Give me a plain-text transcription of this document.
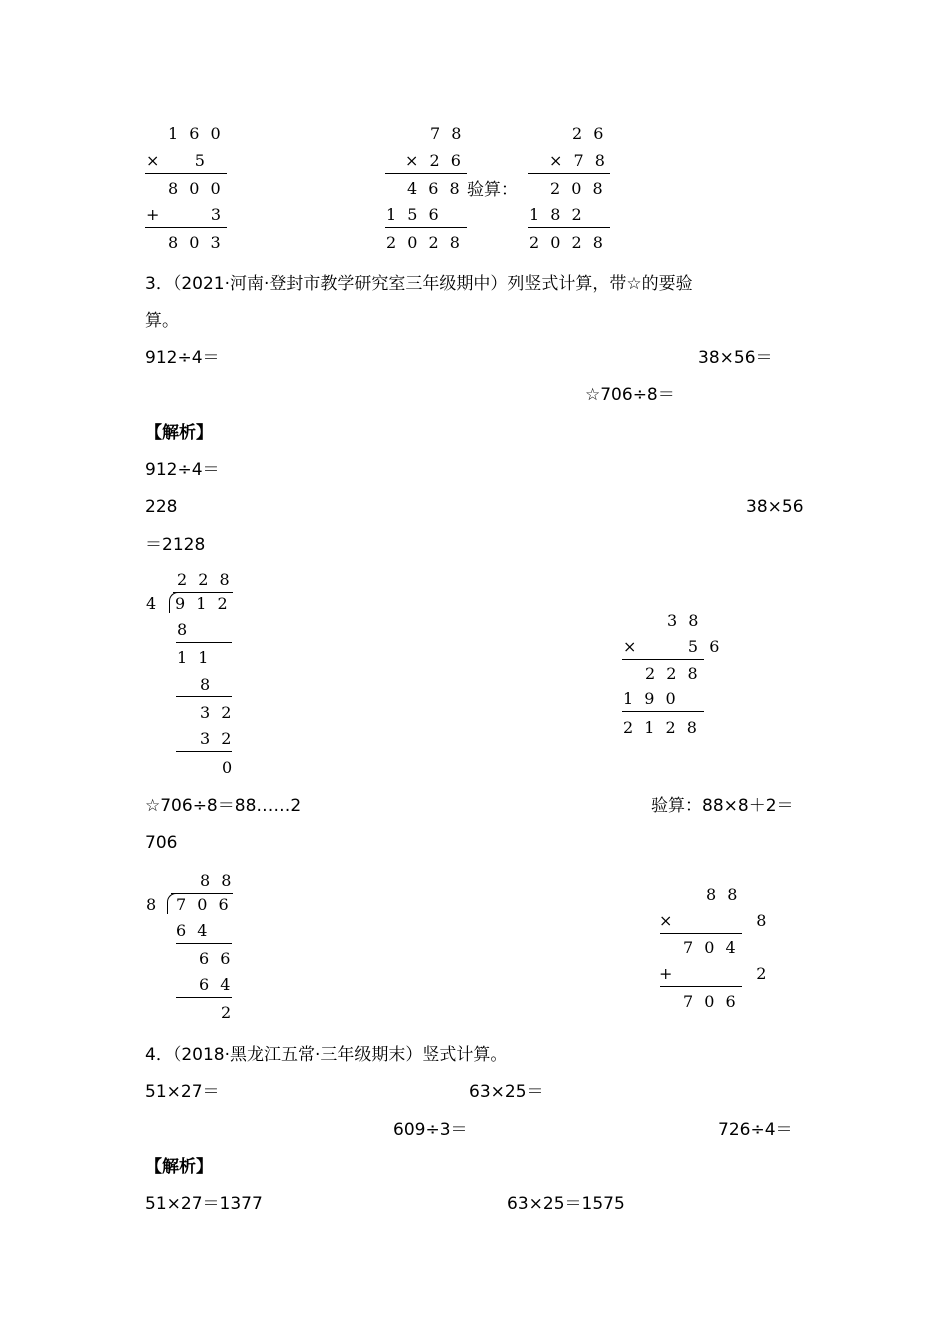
1 6 0
×    5
8 0 0
+      3
8 0 3
7 8
× 2 6
4 6 8
1 5 6
2 0 2 8
验算：
2 6
× 7 8
2 0 8
1 8 2
2 0 2 8
3．（2021·河南·登封市教学研究室三年级期中）列竖式计算，带☆的要验
算。
912÷4＝	38×56＝
☆706÷8＝
【解析】
912÷4＝
228	38×56
＝2128
2 2 8
4 9 1 2
8
1 1
8
3 2
3 2
0
3 8
×      5 6
2 2 8
1 9 0
2 1 2 8
☆706÷8＝88……2	验算：88×8＋2＝
706
8 8
8 7 0 6
6 4
6 6
6 4
2
8 8
×          8
7 0 4
+          2
7 0 6
4．（2018·黑龙江五常·三年级期末）竖式计算。
51×27＝	63×25＝
609÷3＝	726÷4＝
【解析】
51×27＝1377	63×25＝1575
